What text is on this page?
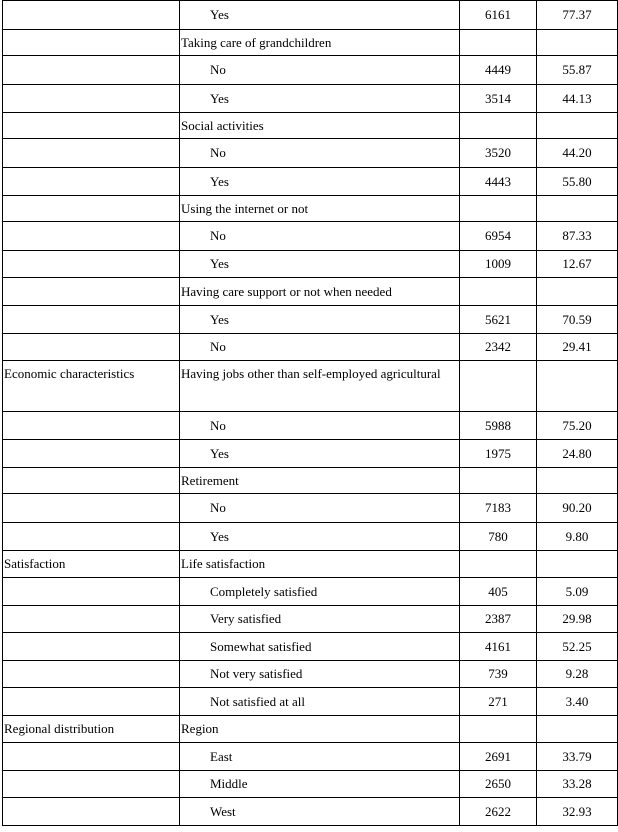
	Yes	6161	77.37
	Taking care of grandchildren		
	No	4449	55.87
	Yes	3514	44.13
	Social activities		
	No	3520	44.20
	Yes	4443	55.80
	Using the internet or not		
	No	6954	87.33
	Yes	1009	12.67
	Having care support or not when needed		
	Yes	5621	70.59
	No	2342	29.41
Economic characteristics	Having jobs other than self-employed agricultural		
	No	5988	75.20
	Yes	1975	24.80
	Retirement		
	No	7183	90.20
	Yes	780	9.80
Satisfaction	Life satisfaction		
	Completely satisfied	405	5.09
	Very satisfied	2387	29.98
	Somewhat satisfied	4161	52.25
	Not very satisfied	739	9.28
	Not satisfied at all	271	3.40
Regional distribution	Region		
	East	2691	33.79
	Middle	2650	33.28
	West	2622	32.93
